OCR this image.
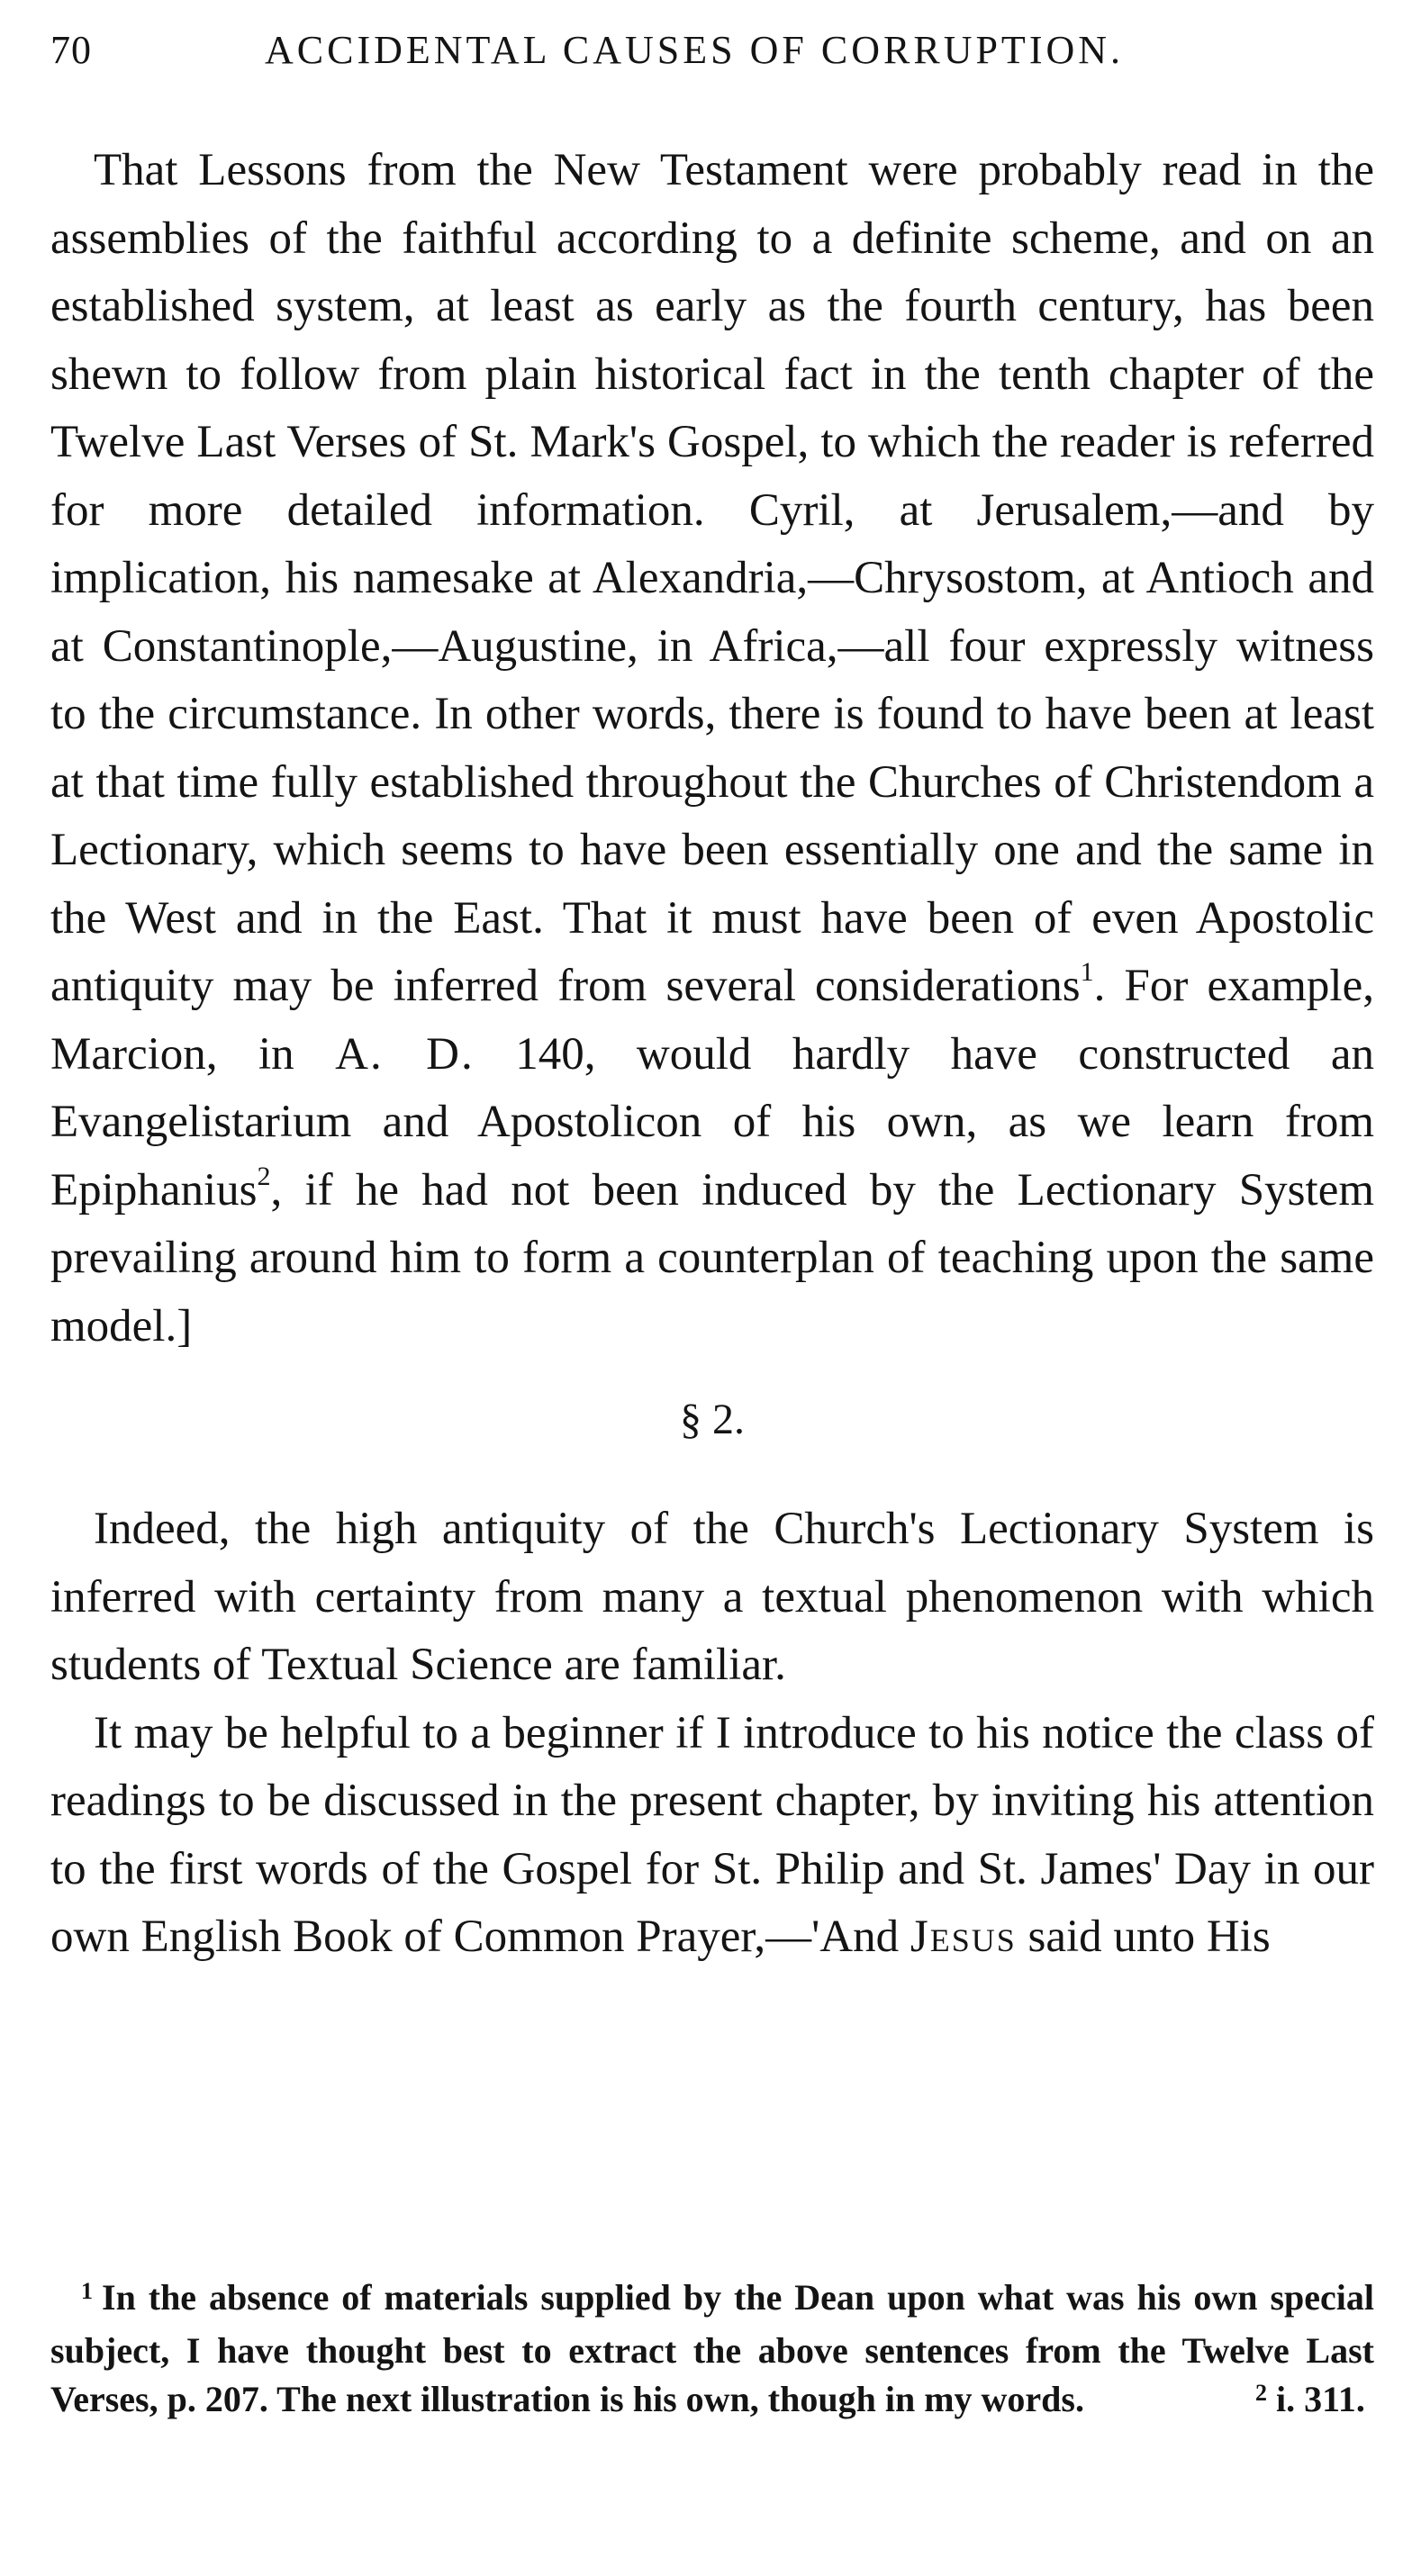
70	ACCIDENTAL CAUSES OF CORRUPTION.

That Lessons from the New Testament were probably read in the assemblies of the faithful according to a definite scheme, and on an established system, at least as early as the fourth century, has been shewn to follow from plain historical fact in the tenth chapter of the Twelve Last Verses of St. Mark's Gospel, to which the reader is referred for more detailed information. Cyril, at Jerusalem,—and by implication, his namesake at Alexandria,—Chrysostom, at Antioch and at Constantinople,—Augustine, in Africa,—all four expressly witness to the circumstance. In other words, there is found to have been at least at that time fully established throughout the Churches of Christendom a Lectionary, which seems to have been essentially one and the same in the West and in the East. That it must have been of even Apostolic antiquity may be inferred from several considerations$^1$. For example, Marcion, in A. D. 140, would hardly have constructed an Evangelistarium and Apostolicon of his own, as we learn from Epiphanius$^2$, if he had not been induced by the Lectionary System prevailing around him to form a counterplan of teaching upon the same model.]

§ 2.

Indeed, the high antiquity of the Church's Lectionary System is inferred with certainty from many a textual phenomenon with which students of Textual Science are familiar.

It may be helpful to a beginner if I introduce to his notice the class of readings to be discussed in the present chapter, by inviting his attention to the first words of the Gospel for St. Philip and St. James' Day in our own English Book of Common Prayer,—'And Jesus said unto His

$^1$ In the absence of materials supplied by the Dean upon what was his own special subject, I have thought best to extract the above sentences from the Twelve Last Verses, p. 207. The next illustration is his own, though in my words.	$^2$ i. 311.
